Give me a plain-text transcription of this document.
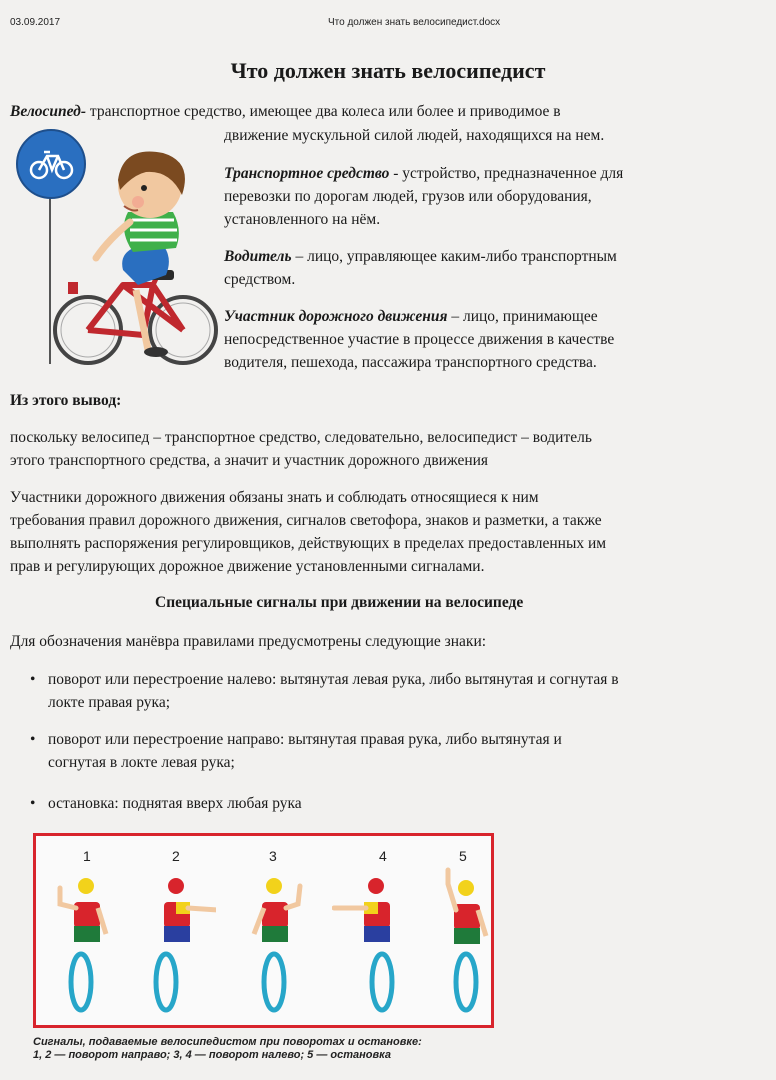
03.09.2017	Что должен знать велосипедист.docx
Что должен знать велосипедист
Велосипед- транспортное средство, имеющее два колеса или более и приводимое в
движение мускульной силой людей, находящихся на нем.
Транспортное средство - устройство, предназначенное для
перевозки по дорогам людей, грузов или оборудования,
установленного на нём.
Водитель – лицо, управляющее каким-либо транспортным
средством.
Участник дорожного движения – лицо, принимающее
непосредственное участие в процессе движения в качестве
водителя, пешехода, пассажира транспортного средства.
Из этого вывод:
поскольку велосипед – транспортное средство, следовательно, велосипедист – водитель
этого транспортного средства, а значит и участник дорожного движения
Участники дорожного движения обязаны знать и соблюдать относящиеся к ним
требования правил дорожного движения, сигналов светофора, знаков и разметки, а также
выполнять распоряжения регулировщиков, действующих в пределах предоставленных им
прав и регулирующих дорожное движение установленными сигналами.
Специальные сигналы при движении на велосипеде
Для обозначения манёвра правилами предусмотрены следующие знаки:
• поворот или перестроение налево: вытянутая левая рука, либо вытянутая и согнутая в
локте правая рука;
• поворот или перестроение направо: вытянутая правая рука, либо вытянутая и
согнутая в локте левая рука;
• остановка: поднятая вверх любая рука
1	2	3	4	5
Сигналы, подаваемые велосипедистом при поворотах и остановке:
1, 2 — поворот направо; 3, 4 — поворот налево; 5 — остановка
